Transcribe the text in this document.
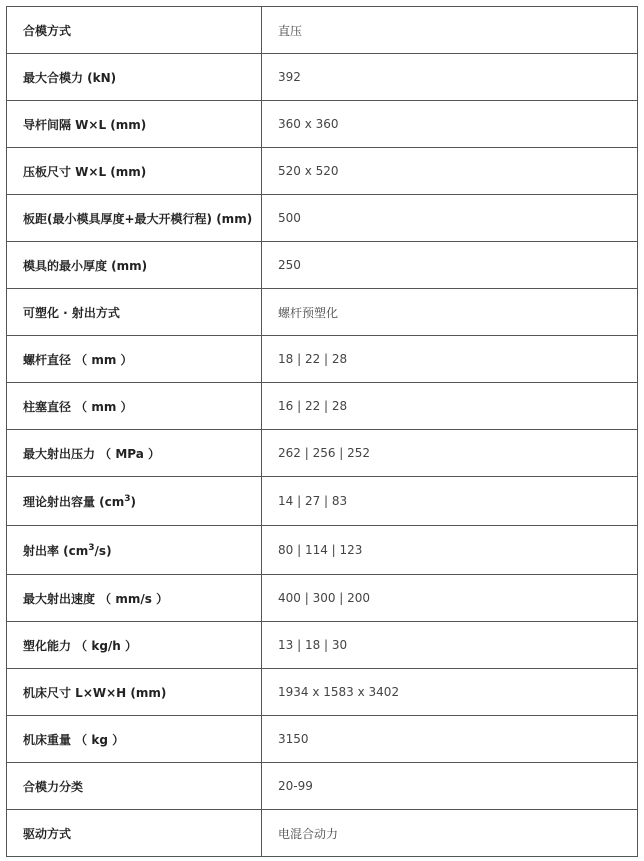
合模方式	直压
最大合模力 (kN)	392
导杆间隔 W×L (mm)	360 x 360
压板尺寸 W×L (mm)	520 x 520
板距(最小模具厚度+最大开模行程) (mm)	500
模具的最小厚度 (mm)	250
可塑化 · 射出方式	螺杆预塑化
螺杆直径 （ mm ）	18 | 22 | 28
柱塞直径 （ mm ）	16 | 22 | 28
最大射出压力 （ MPa ）	262 | 256 | 252
理论射出容量 $(cm^3)$	14 | 27 | 83
射出率 $(cm^3/s)$	80 | 114 | 123
最大射出速度 （ mm/s ）	400 | 300 | 200
塑化能力 （ kg/h ）	13 | 18 | 30
机床尺寸 L×W×H (mm)	1934 x 1583 x 3402
机床重量 （ kg ）	3150
合模力分类	20-99
驱动方式	电混合动力
